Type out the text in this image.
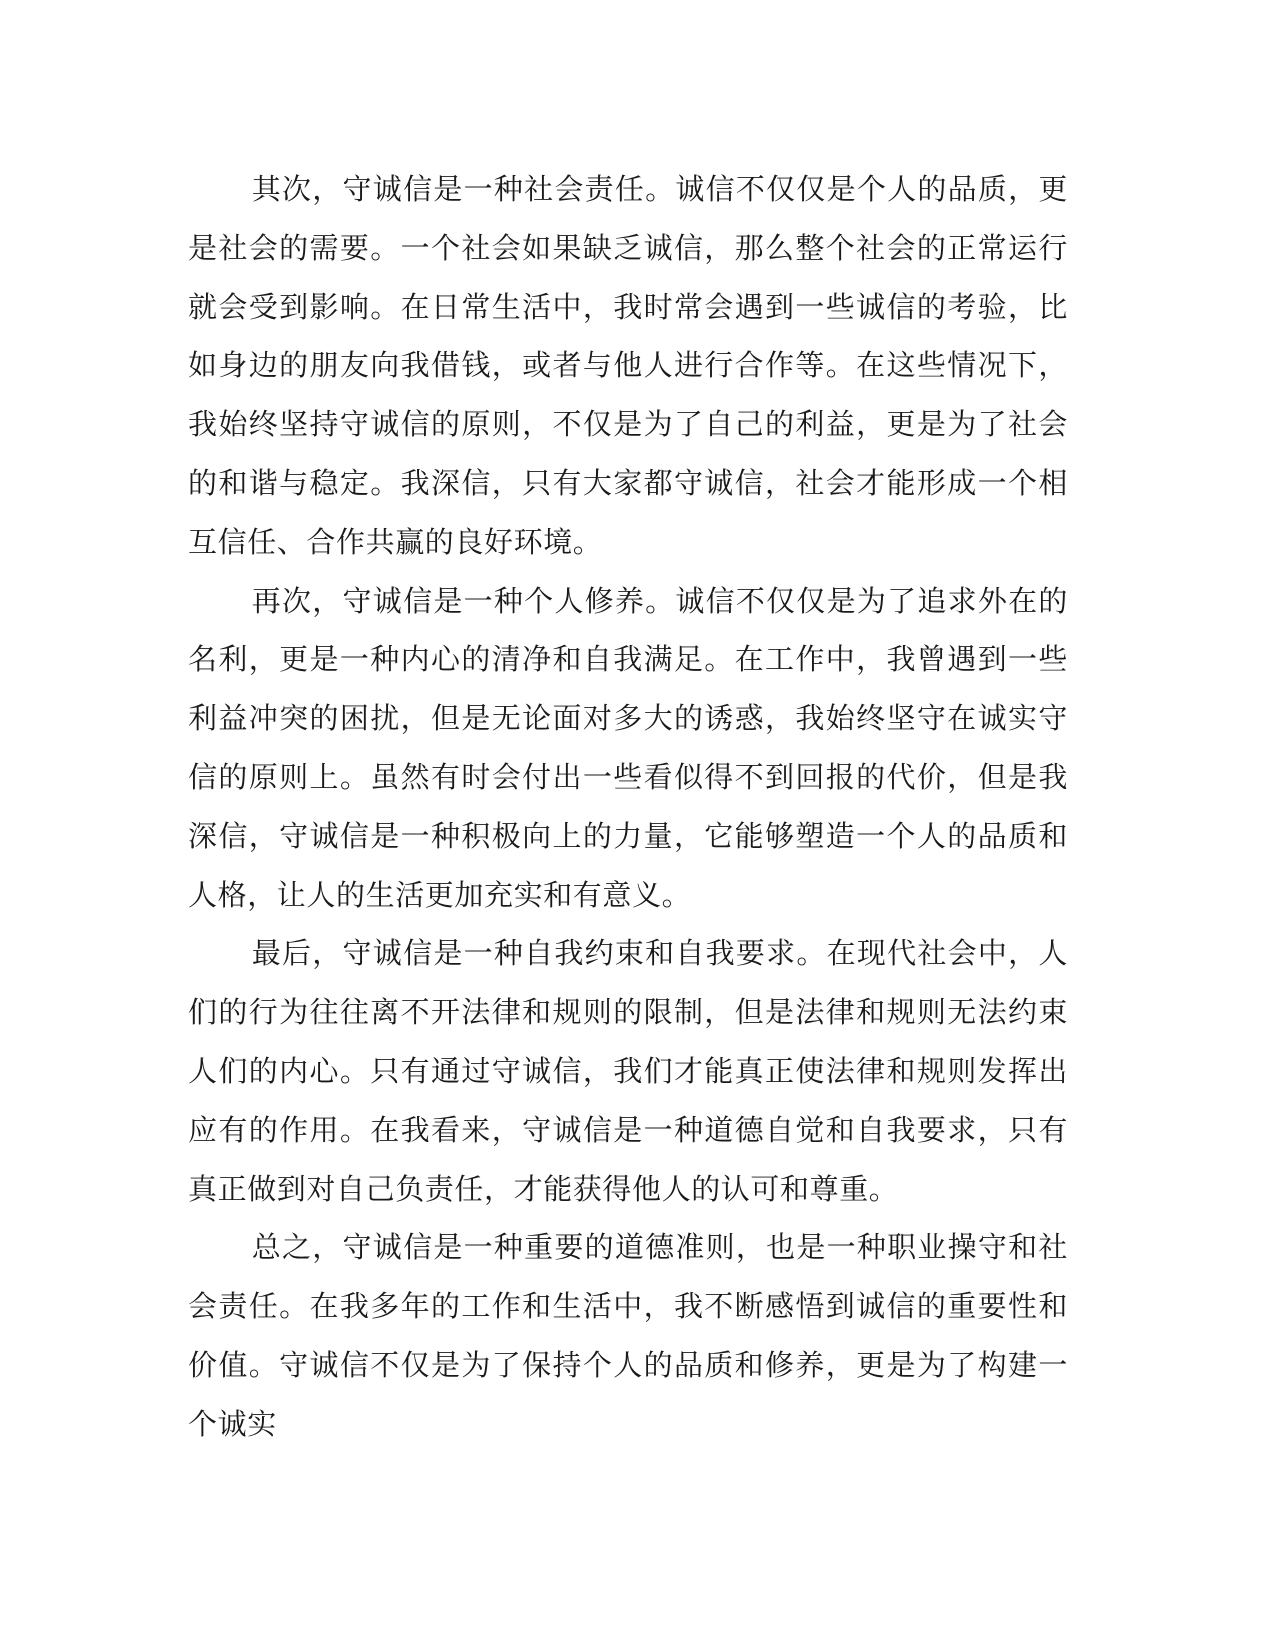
其次，守诚信是一种社会责任。诚信不仅仅是个人的品质，更是社会的需要。一个社会如果缺乏诚信，那么整个社会的正常运行就会受到影响。在日常生活中，我时常会遇到一些诚信的考验，比如身边的朋友向我借钱，或者与他人进行合作等。在这些情况下，我始终坚持守诚信的原则，不仅是为了自己的利益，更是为了社会的和谐与稳定。我深信，只有大家都守诚信，社会才能形成一个相互信任、合作共赢的良好环境。

再次，守诚信是一种个人修养。诚信不仅仅是为了追求外在的名利，更是一种内心的清净和自我满足。在工作中，我曾遇到一些利益冲突的困扰，但是无论面对多大的诱惑，我始终坚守在诚实守信的原则上。虽然有时会付出一些看似得不到回报的代价，但是我深信，守诚信是一种积极向上的力量，它能够塑造一个人的品质和人格，让人的生活更加充实和有意义。

最后，守诚信是一种自我约束和自我要求。在现代社会中，人们的行为往往离不开法律和规则的限制，但是法律和规则无法约束人们的内心。只有通过守诚信，我们才能真正使法律和规则发挥出应有的作用。在我看来，守诚信是一种道德自觉和自我要求，只有真正做到对自己负责任，才能获得他人的认可和尊重。

总之，守诚信是一种重要的道德准则，也是一种职业操守和社会责任。在我多年的工作和生活中，我不断感悟到诚信的重要性和价值。守诚信不仅是为了保持个人的品质和修养，更是为了构建一个诚实
